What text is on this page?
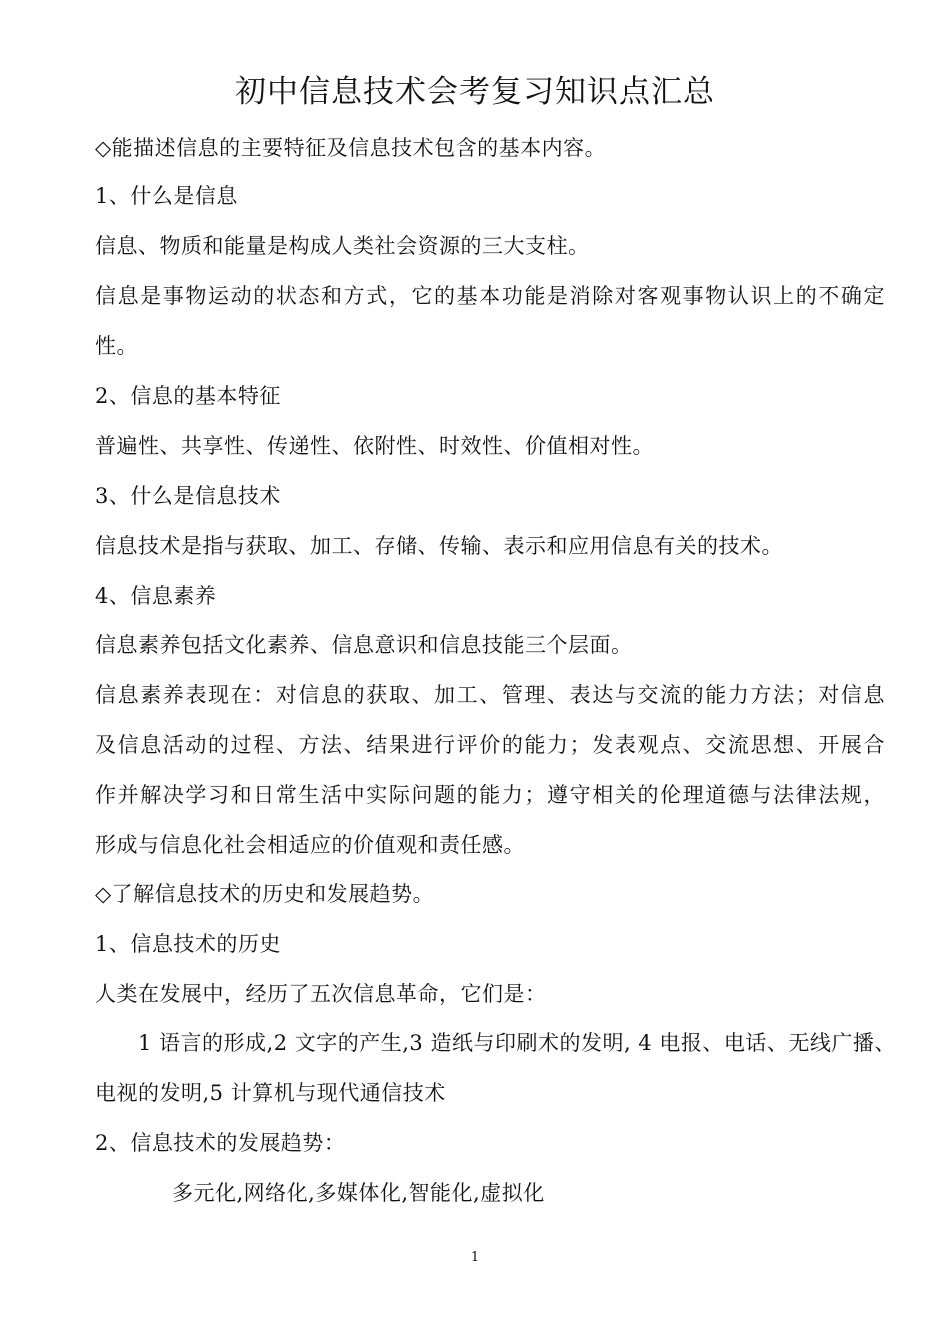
初中信息技术会考复习知识点汇总
◇能描述信息的主要特征及信息技术包含的基本内容。
1、什么是信息
信息、物质和能量是构成人类社会资源的三大支柱。
信息是事物运动的状态和方式，它的基本功能是消除对客观事物认识上的不确定
性。
2、信息的基本特征
普遍性、共享性、传递性、依附性、时效性、价值相对性。
3、什么是信息技术
信息技术是指与获取、加工、存储、传输、表示和应用信息有关的技术。
4、信息素养
信息素养包括文化素养、信息意识和信息技能三个层面。
信息素养表现在：对信息的获取、加工、管理、表达与交流的能力方法；对信息
及信息活动的过程、方法、结果进行评价的能力；发表观点、交流思想、开展合
作并解决学习和日常生活中实际问题的能力；遵守相关的伦理道德与法律法规，
形成与信息化社会相适应的价值观和责任感。
◇了解信息技术的历史和发展趋势。
1、信息技术的历史
人类在发展中，经历了五次信息革命，它们是：
1 语言的形成,2 文字的产生,3 造纸与印刷术的发明, 4 电报、电话、无线广播、
电视的发明,5 计算机与现代通信技术
2、信息技术的发展趋势：
多元化,网络化,多媒体化,智能化,虚拟化
1
